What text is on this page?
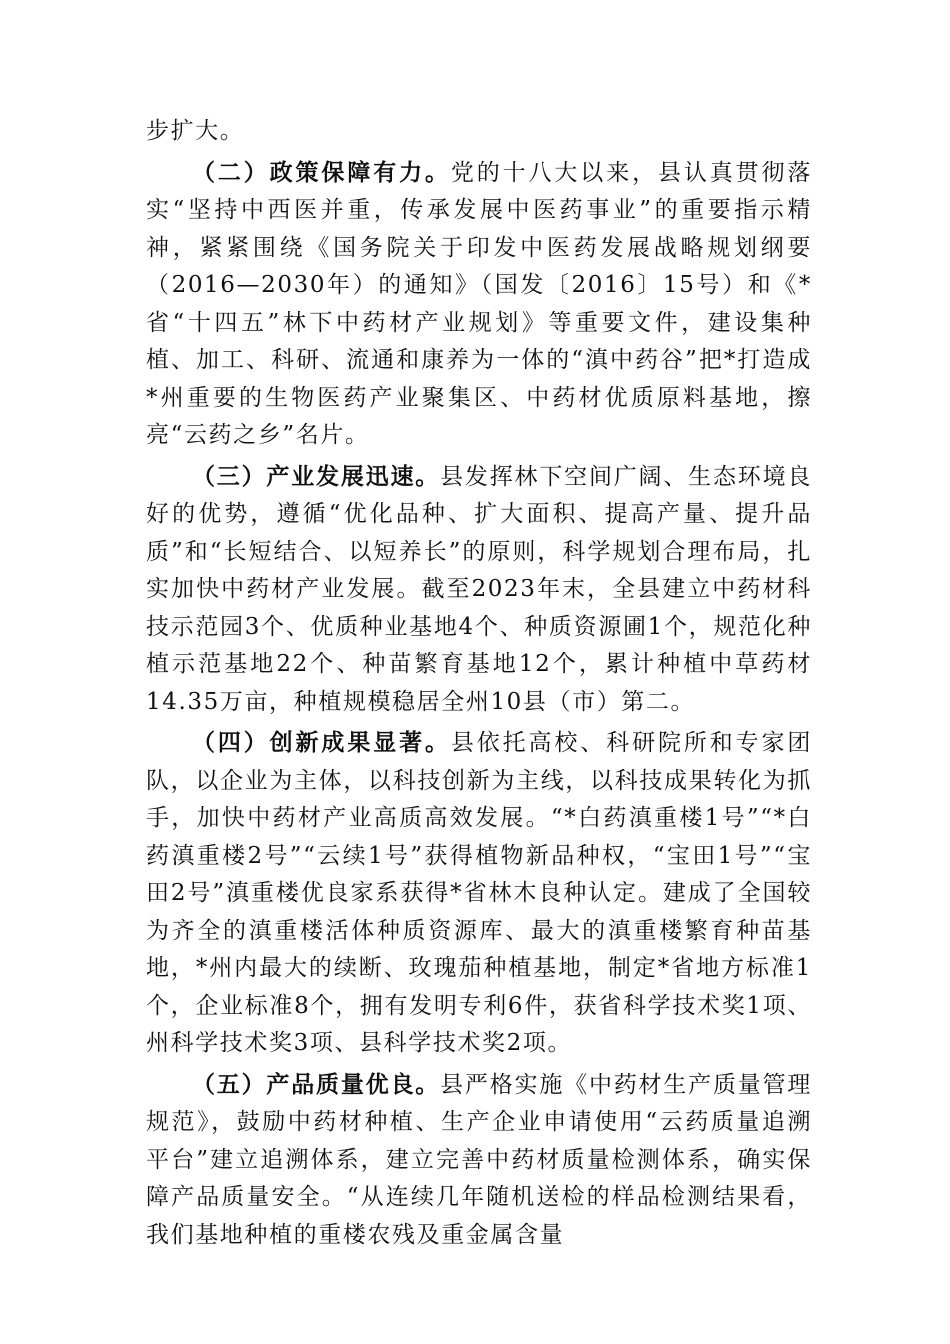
步扩大。

（二）政策保障有力。党的十八大以来，县认真贯彻落实“坚持中西医并重，传承发展中医药事业”的重要指示精神，紧紧围绕《国务院关于印发中医药发展战略规划纲要（2016—2030年）的通知》（国发〔2016〕15号）和《*省“十四五”林下中药材产业规划》等重要文件，建设集种植、加工、科研、流通和康养为一体的“滇中药谷”把*打造成*州重要的生物医药产业聚集区、中药材优质原料基地，擦亮“云药之乡”名片。

（三）产业发展迅速。县发挥林下空间广阔、生态环境良好的优势，遵循“优化品种、扩大面积、提高产量、提升品质”和“长短结合、以短养长”的原则，科学规划合理布局，扎实加快中药材产业发展。截至2023年末，全县建立中药材科技示范园3个、优质种业基地4个、种质资源圃1个，规范化种植示范基地22个、种苗繁育基地12个，累计种植中草药材14.35万亩，种植规模稳居全州10县（市）第二。

（四）创新成果显著。县依托高校、科研院所和专家团队，以企业为主体，以科技创新为主线，以科技成果转化为抓手，加快中药材产业高质高效发展。“*白药滇重楼1号”“*白药滇重楼2号”“云续1号”获得植物新品种权，“宝田1号”“宝田2号”滇重楼优良家系获得*省林木良种认定。建成了全国较为齐全的滇重楼活体种质资源库、最大的滇重楼繁育种苗基地，*州内最大的续断、玫瑰茄种植基地，制定*省地方标准1个，企业标准8个，拥有发明专利6件，获省科学技术奖1项、州科学技术奖3项、县科学技术奖2项。

（五）产品质量优良。县严格实施《中药材生产质量管理规范》，鼓励中药材种植、生产企业申请使用“云药质量追溯平台”建立追溯体系，建立完善中药材质量检测体系，确实保障产品质量安全。“从连续几年随机送检的样品检测结果看，我们基地种植的重楼农残及重金属含量
